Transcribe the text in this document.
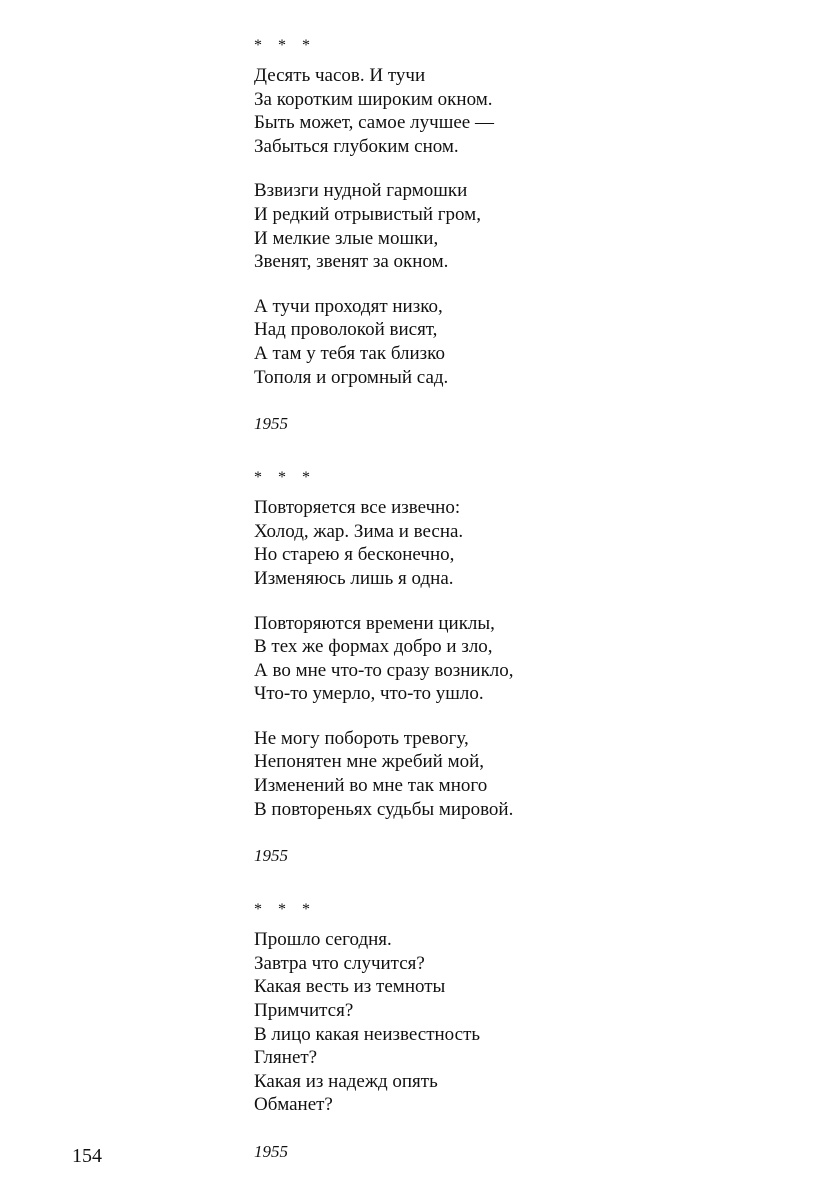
* * *
Десять часов. И тучи
За коротким широким окном.
Быть может, самое лучшее —
Забыться глубоким сном.
Взвизги нудной гармошки
И редкий отрывистый гром,
И мелкие злые мошки,
Звенят, звенят за окном.
А тучи проходят низко,
Над проволокой висят,
А там у тебя так близко
Тополя и огромный сад.
1955
* * *
Повторяется все извечно:
Холод, жар. Зима и весна.
Но старею я бесконечно,
Изменяюсь лишь я одна.
Повторяются времени циклы,
В тех же формах добро и зло,
А во мне что-то сразу возникло,
Что-то умерло, что-то ушло.
Не могу побороть тревогу,
Непонятен мне жребий мой,
Изменений во мне так много
В повтореньях судьбы мировой.
1955
* * *
Прошло сегодня.
Завтра что случится?
Какая весть из темноты
Примчится?
В лицо какая неизвестность
Глянет?
Какая из надежд опять
Обманет?
1955
154
